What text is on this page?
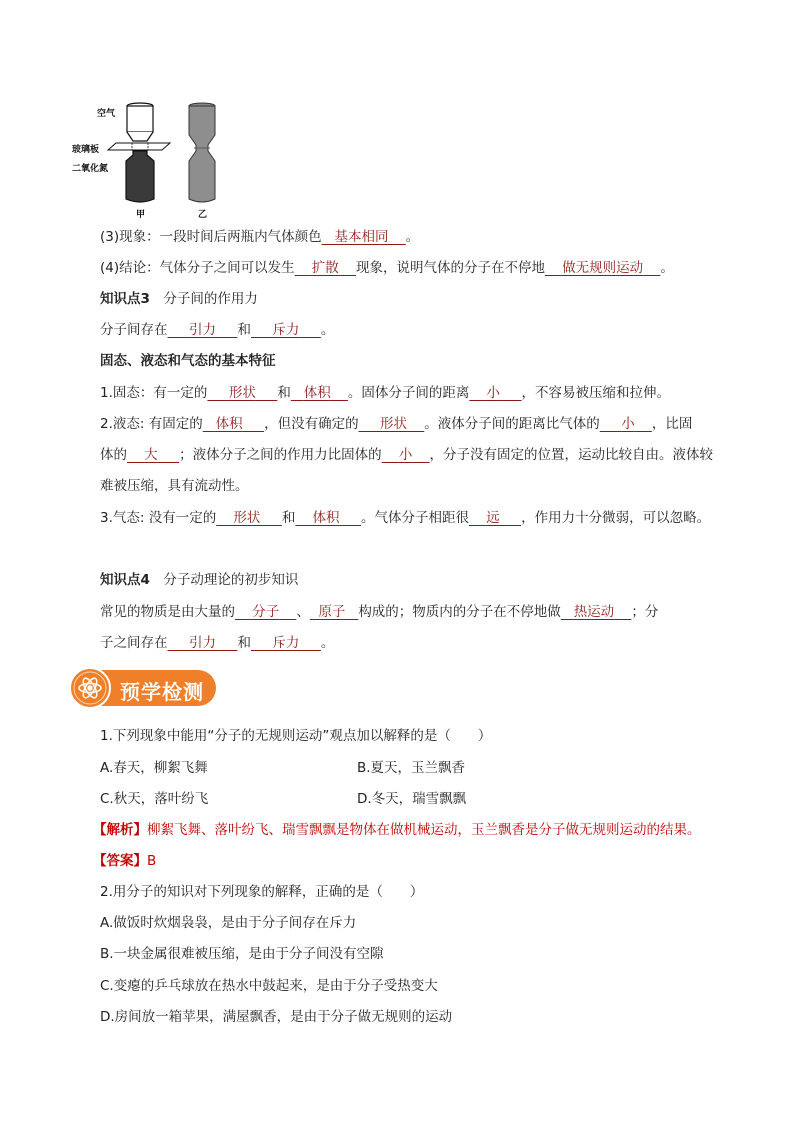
空气
玻璃板
二氧化氮
甲	乙
(3)现象：一段时间后两瓶内气体颜色 基本相同 。
(4)结论：气体分子之间可以发生 扩散 现象，说明气体的分子在不停地 做无规则运动 。
知识点3　 分子间的作用力
分子间存在 引力 和 斥力 。
固态、液态和气态的基本特征
1.固态：有一定的 形状 和 体积 。固体分子间的距离 小 ，不容易被压缩和拉伸。
2.液态: 有固定的 体积 ，但没有确定的 形状 。液体分子间的距离比气体的 小 ，比固
体的 大 ；液体分子之间的作用力比固体的 小 ，分子没有固定的位置，运动比较自由。液体较
难被压缩，具有流动性。
3.气态: 没有一定的 形状 和 体积 。气体分子相距很 远 ，作用力十分微弱，可以忽略。
知识点4　 分子动理论的初步知识
常见的物质是由大量的 分子 、 原子 构成的；物质内的分子在不停地做 热运动 ；分
子之间存在 引力 和 斥力 。
预学检测
1.下列现象中能用“分子的无规则运动”观点加以解释的是（　　）
A.春天，柳絮飞舞	B.夏天，玉兰飘香
C.秋天，落叶纷飞	D.冬天，瑞雪飘飘
【解析】柳絮飞舞、落叶纷飞、瑞雪飘飘是物体在做机械运动，玉兰飘香是分子做无规则运动的结果。
【答案】B
2.用分子的知识对下列现象的解释，正确的是（　　）
A.做饭时炊烟袅袅，是由于分子间存在斥力
B.一块金属很难被压缩，是由于分子间没有空隙
C.变瘪的乒乓球放在热水中鼓起来，是由于分子受热变大
D.房间放一箱苹果，满屋飘香，是由于分子做无规则的运动
